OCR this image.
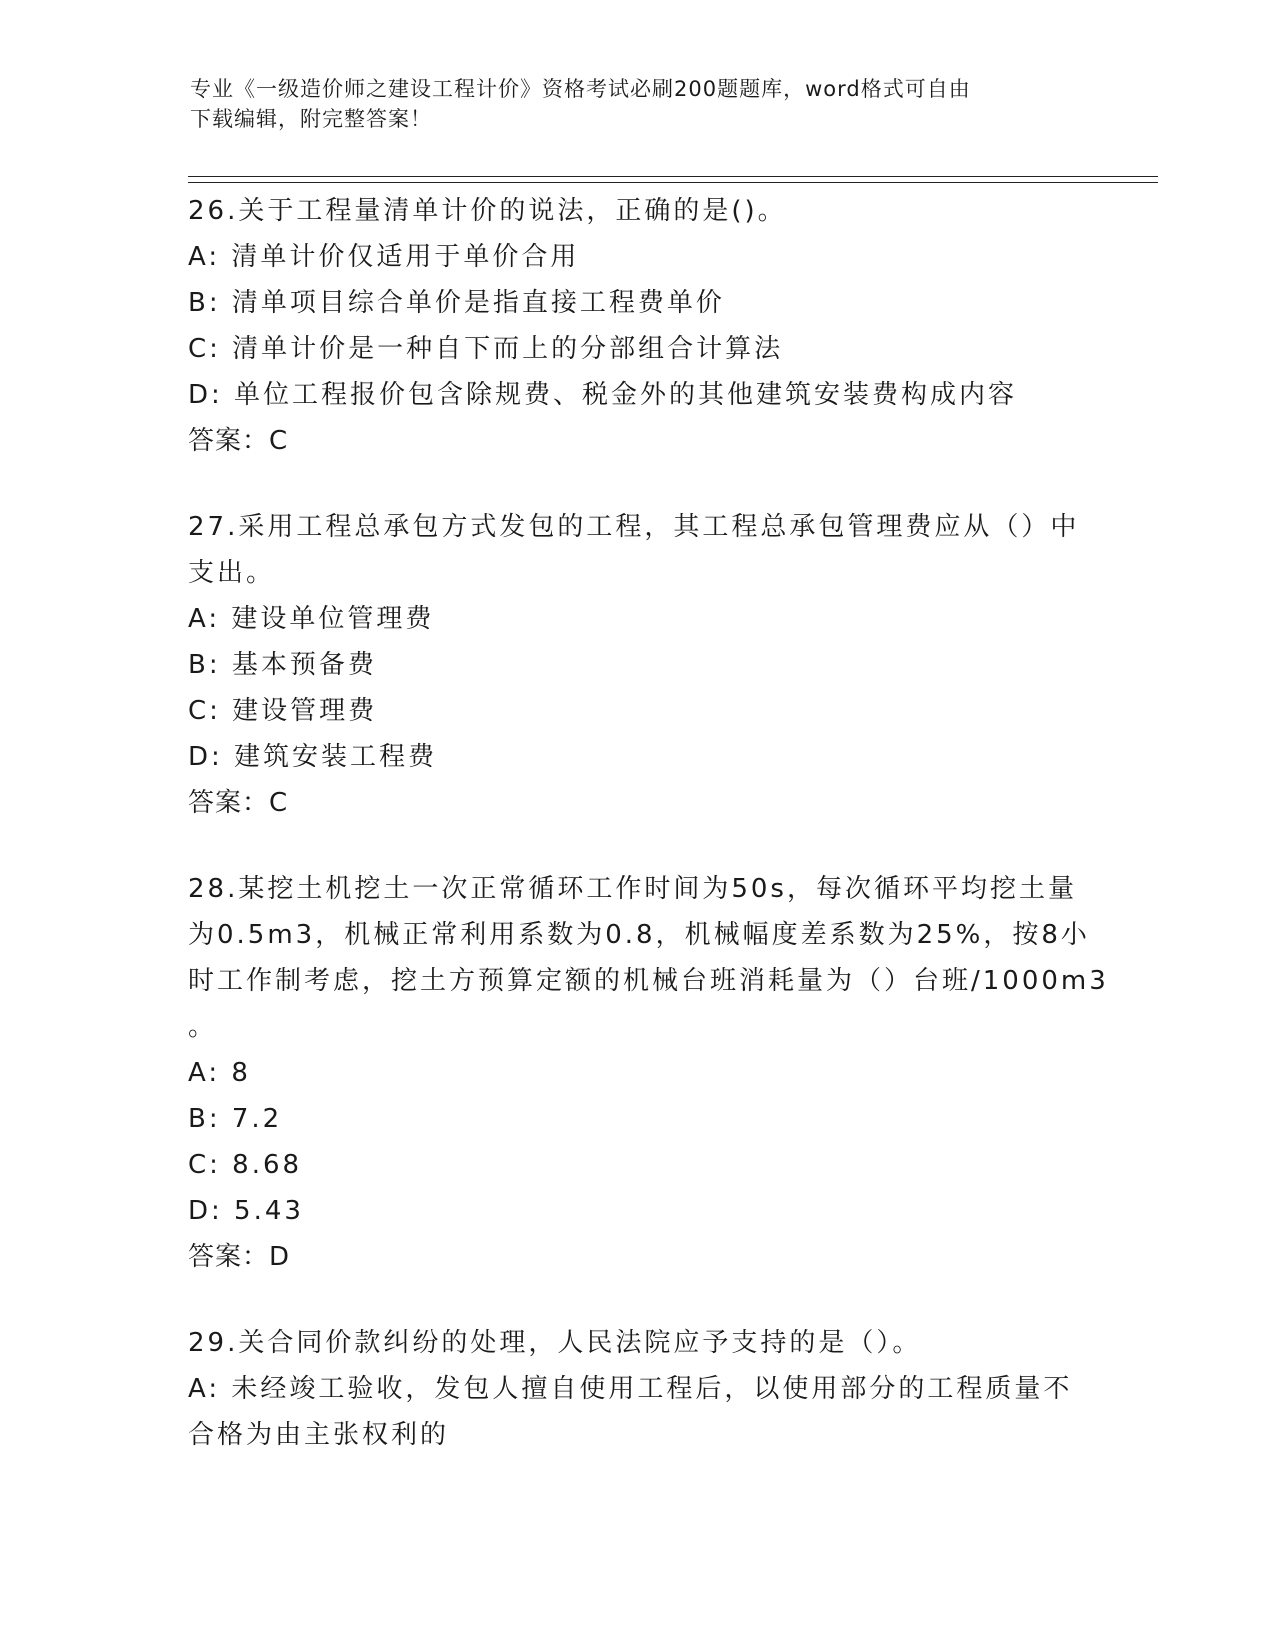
专业《一级造价师之建设工程计价》资格考试必刷200题题库，word格式可自由
下载编辑，附完整答案！
26.关于工程量清单计价的说法，正确的是()。
A: 清单计价仅适用于单价合用
B: 清单项目综合单价是指直接工程费单价
C: 清单计价是一种自下而上的分部组合计算法
D: 单位工程报价包含除规费、税金外的其他建筑安装费构成内容
答案：C
27.采用工程总承包方式发包的工程，其工程总承包管理费应从（）中
支出。
A: 建设单位管理费
B: 基本预备费
C: 建设管理费
D: 建筑安装工程费
答案：C
28.某挖土机挖土一次正常循环工作时间为50s，每次循环平均挖土量
为0.5m3，机械正常利用系数为0.8，机械幅度差系数为25%，按8小
时工作制考虑，挖土方预算定额的机械台班消耗量为（）台班/1000m3
。
A: 8
B: 7.2
C: 8.68
D: 5.43
答案：D
29.关合同价款纠纷的处理，人民法院应予支持的是（）。
A: 未经竣工验收，发包人擅自使用工程后，以使用部分的工程质量不
合格为由主张权利的
